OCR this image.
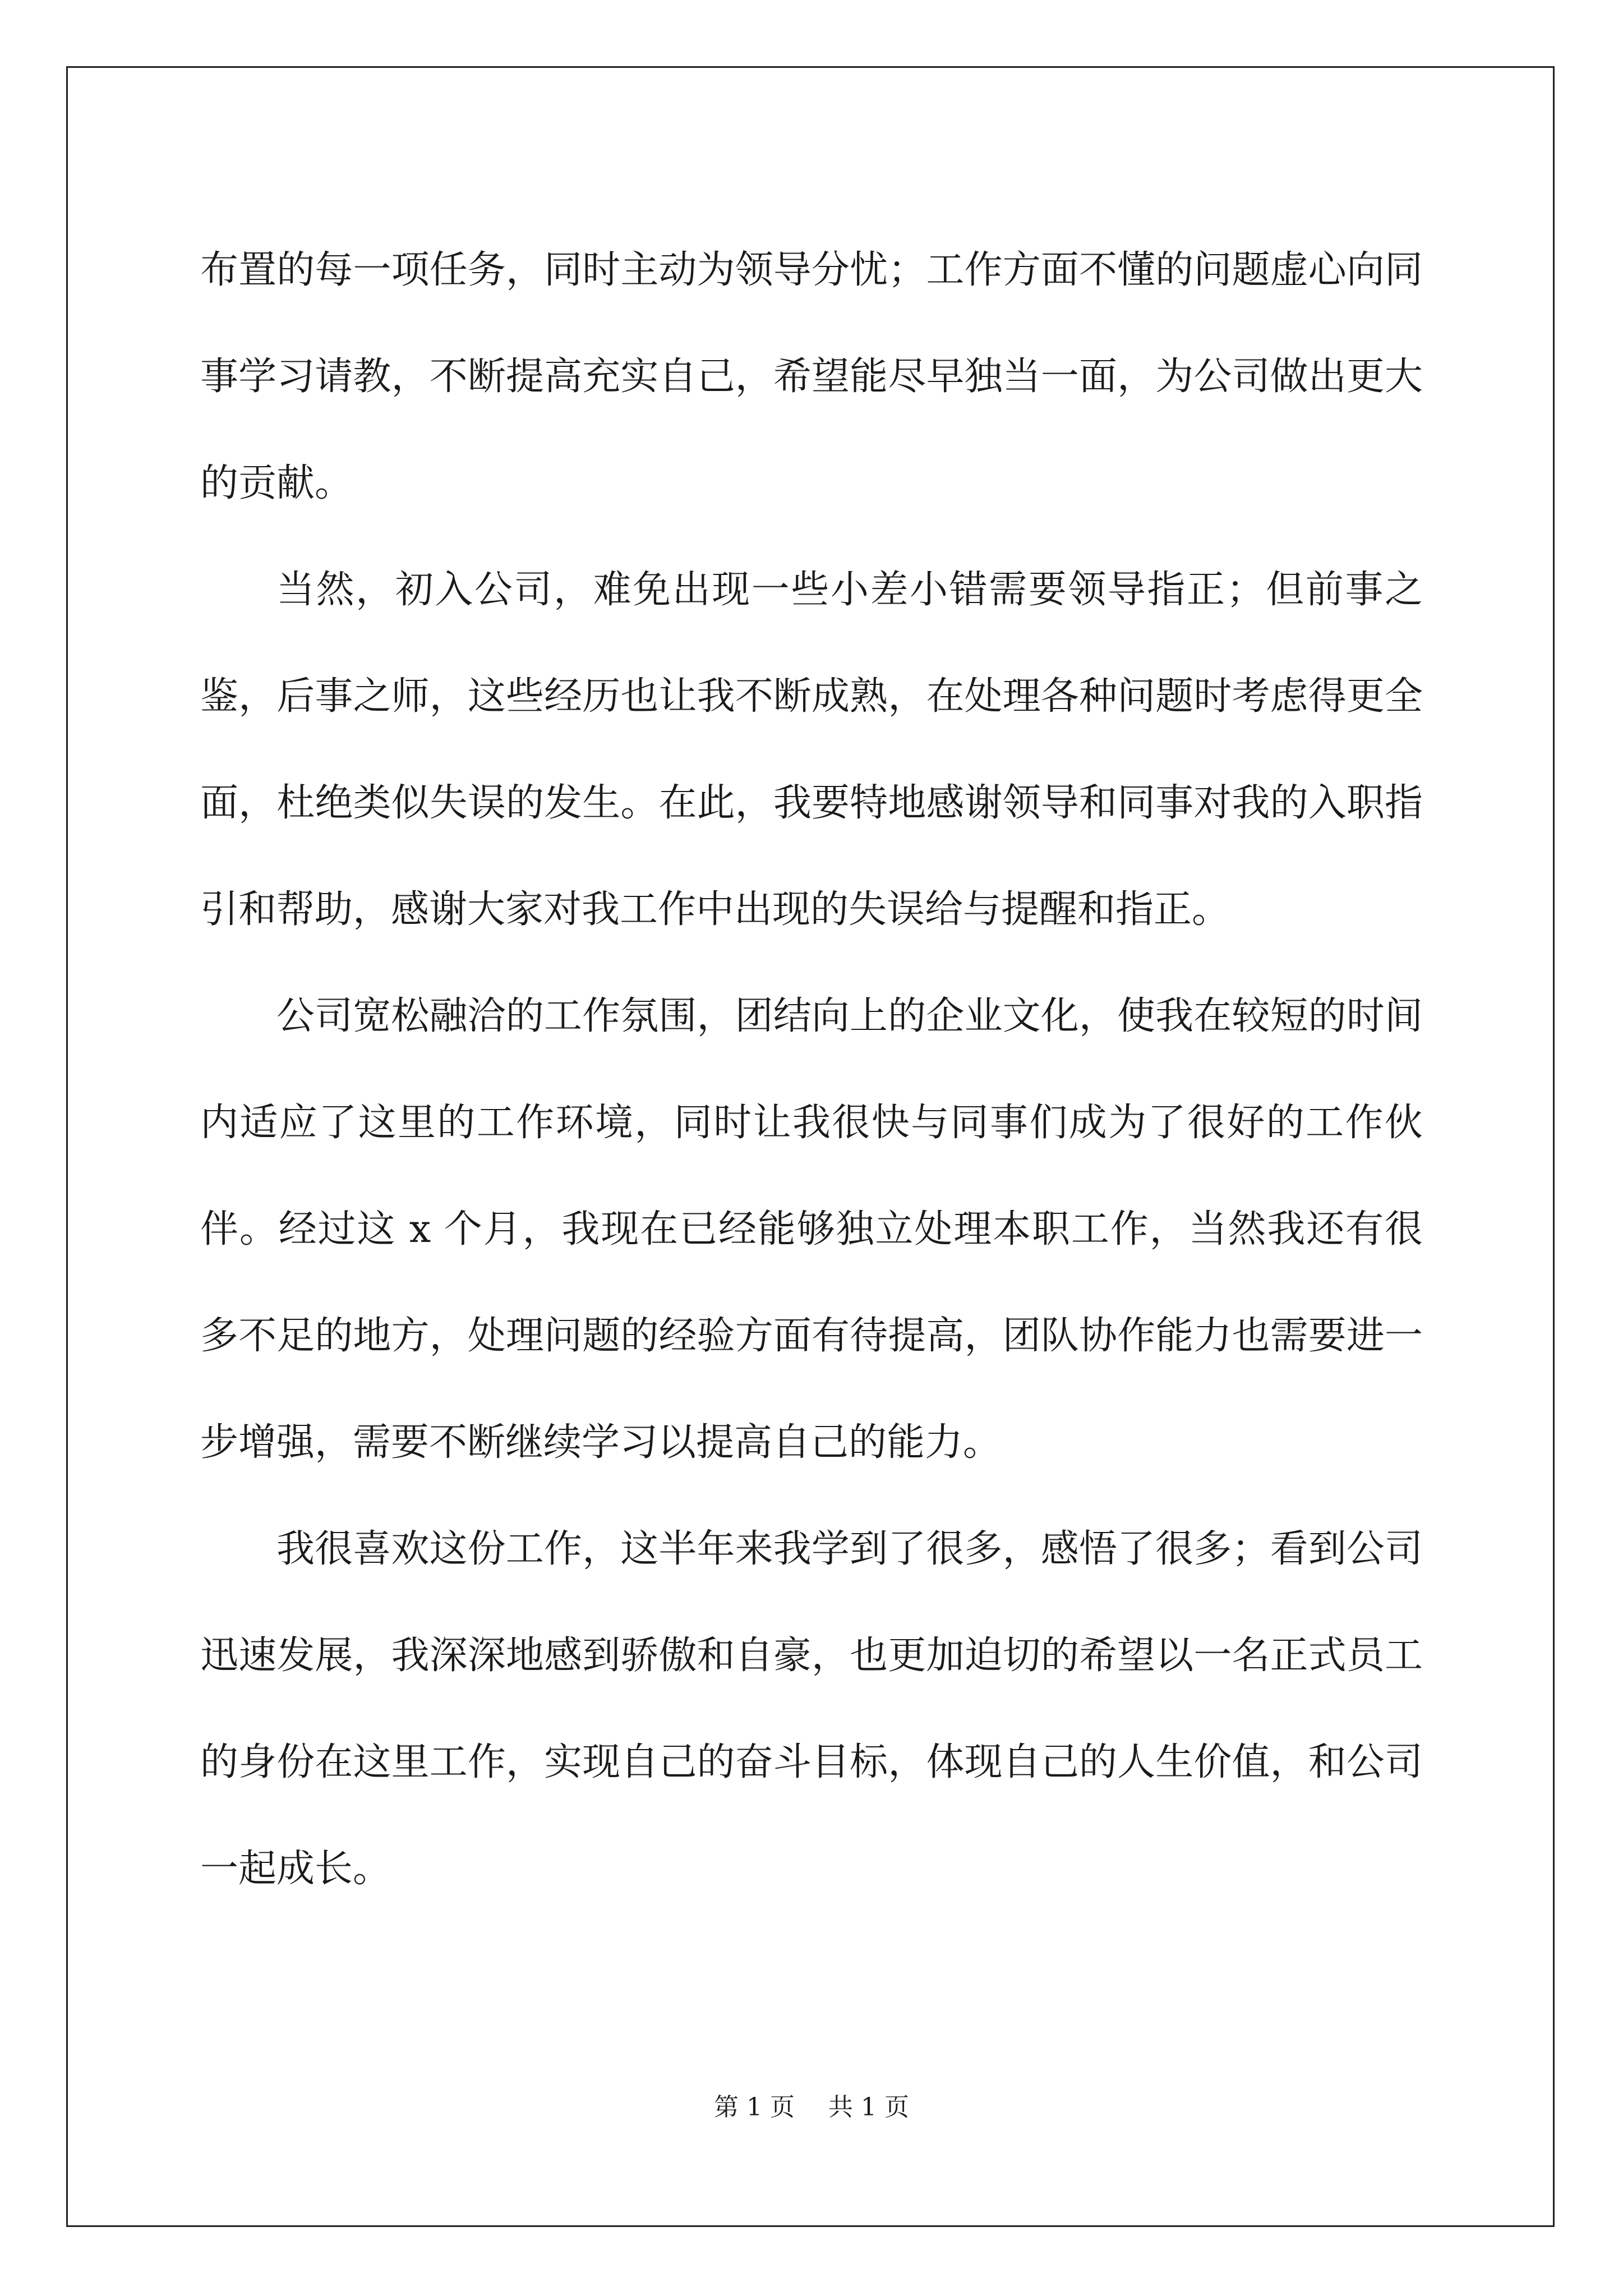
布置的每一项任务，同时主动为领导分忧；工作方面不懂的问题虚心向同事学习请教，不断提高充实自己，希望能尽早独当一面，为公司做出更大的贡献。

当然，初入公司，难免出现一些小差小错需要领导指正；但前事之鉴，后事之师，这些经历也让我不断成熟，在处理各种问题时考虑得更全面，杜绝类似失误的发生。在此，我要特地感谢领导和同事对我的入职指引和帮助，感谢大家对我工作中出现的失误给与提醒和指正。

公司宽松融洽的工作氛围，团结向上的企业文化，使我在较短的时间内适应了这里的工作环境，同时让我很快与同事们成为了很好的工作伙伴。经过这 x 个月，我现在已经能够独立处理本职工作，当然我还有很多不足的地方，处理问题的经验方面有待提高，团队协作能力也需要进一步增强，需要不断继续学习以提高自己的能力。

我很喜欢这份工作，这半年来我学到了很多，感悟了很多；看到公司迅速发展，我深深地感到骄傲和自豪，也更加迫切的希望以一名正式员工的身份在这里工作，实现自己的奋斗目标，体现自己的人生价值，和公司一起成长。

第 1 页 共 1 页
